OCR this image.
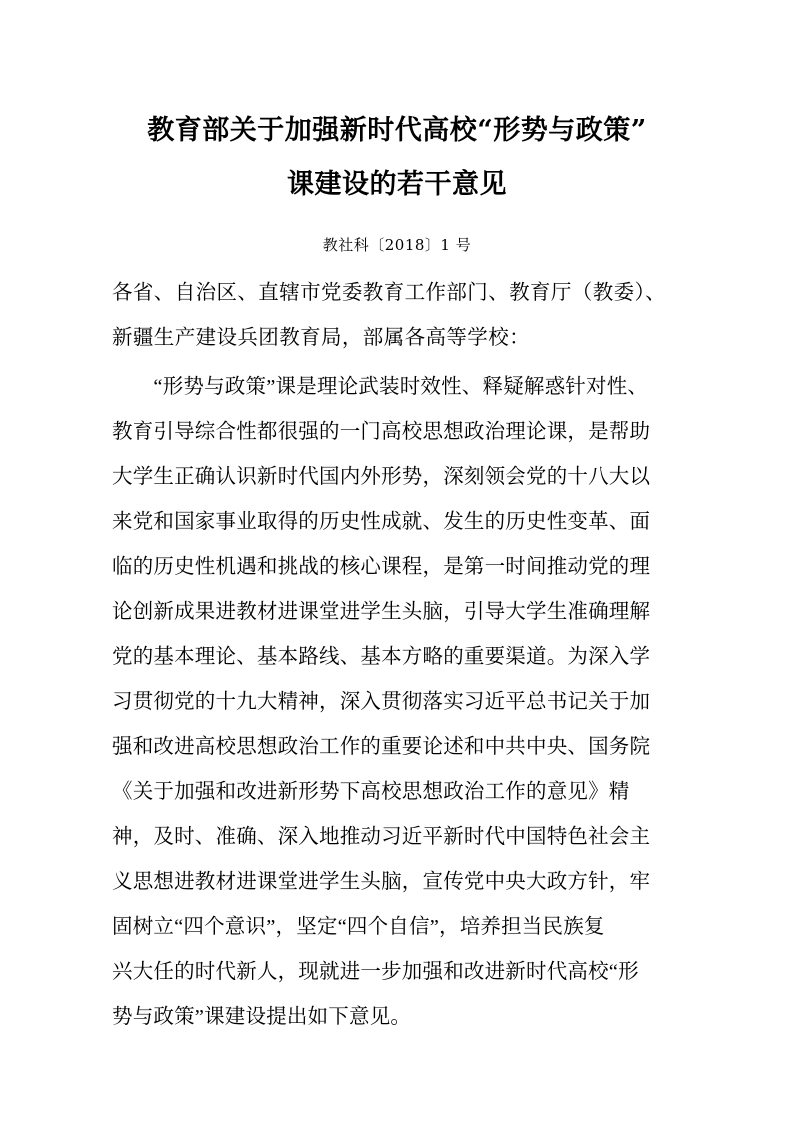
教育部关于加强新时代高校“形势与政策”
课建设的若干意见
教社科〔2018〕1 号
各省、自治区、直辖市党委教育工作部门、教育厅（教委）、
新疆生产建设兵团教育局，部属各高等学校：
　　“形势与政策”课是理论武装时效性、释疑解惑针对性、
教育引导综合性都很强的一门高校思想政治理论课，是帮助
大学生正确认识新时代国内外形势，深刻领会党的十八大以
来党和国家事业取得的历史性成就、发生的历史性变革、面
临的历史性机遇和挑战的核心课程，是第一时间推动党的理
论创新成果进教材进课堂进学生头脑，引导大学生准确理解
党的基本理论、基本路线、基本方略的重要渠道。为深入学
习贯彻党的十九大精神，深入贯彻落实习近平总书记关于加
强和改进高校思想政治工作的重要论述和中共中央、国务院
《关于加强和改进新形势下高校思想政治工作的意见》精
神，及时、准确、深入地推动习近平新时代中国特色社会主
义思想进教材进课堂进学生头脑，宣传党中央大政方针，牢
固树立“四个意识”，坚定“四个自信”，培养担当民族复
兴大任的时代新人，现就进一步加强和改进新时代高校“形
势与政策”课建设提出如下意见。
